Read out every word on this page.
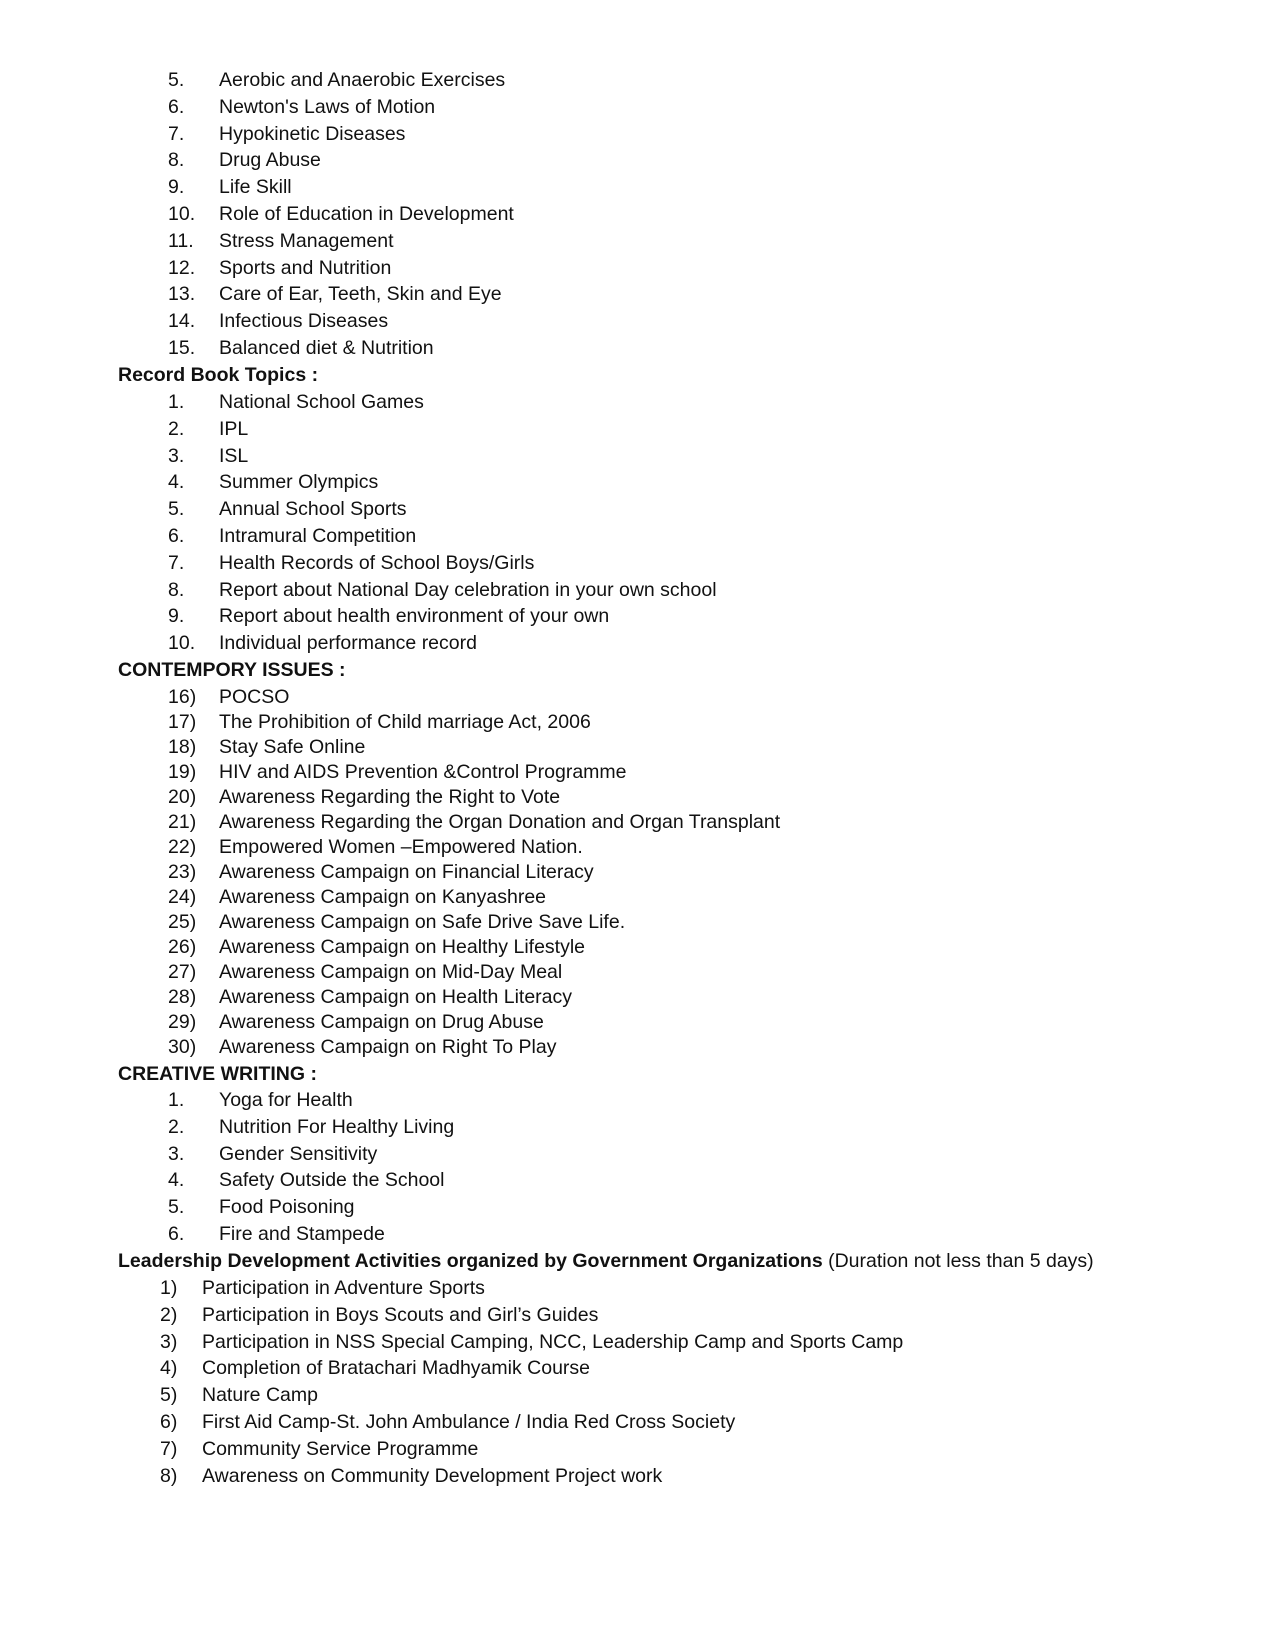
5. Aerobic and Anaerobic Exercises
6. Newton's Laws of Motion
7. Hypokinetic Diseases
8. Drug Abuse
9. Life Skill
10. Role of Education in Development
11. Stress Management
12. Sports and Nutrition
13. Care of Ear, Teeth, Skin and Eye
14. Infectious Diseases
15. Balanced diet & Nutrition
Record Book Topics :
1. National School Games
2. IPL
3. ISL
4. Summer Olympics
5. Annual School Sports
6. Intramural Competition
7. Health Records of School Boys/Girls
8. Report about National Day celebration in your own school
9. Report about health environment of your own
10. Individual performance record
CONTEMPORY ISSUES :
16) POCSO
17) The Prohibition of Child marriage Act, 2006
18) Stay Safe Online
19) HIV and AIDS Prevention &Control Programme
20) Awareness Regarding the Right to Vote
21) Awareness Regarding the Organ Donation and Organ Transplant
22) Empowered Women –Empowered Nation.
23) Awareness Campaign on Financial Literacy
24) Awareness Campaign on Kanyashree
25) Awareness Campaign on Safe Drive Save Life.
26) Awareness Campaign on Healthy Lifestyle
27) Awareness Campaign on Mid-Day Meal
28) Awareness Campaign on Health Literacy
29) Awareness Campaign on Drug Abuse
30) Awareness Campaign on Right To Play
CREATIVE WRITING :
1. Yoga for Health
2. Nutrition For Healthy Living
3. Gender Sensitivity
4. Safety Outside the School
5. Food Poisoning
6. Fire and Stampede
Leadership Development Activities organized by Government Organizations (Duration not less than 5 days)
1) Participation in Adventure Sports
2) Participation in Boys Scouts and Girl’s Guides
3) Participation in NSS Special Camping, NCC, Leadership Camp and Sports Camp
4) Completion of Bratachari Madhyamik Course
5) Nature Camp
6) First Aid Camp-St. John Ambulance / India Red Cross Society
7) Community Service Programme
8) Awareness on Community Development Project work
